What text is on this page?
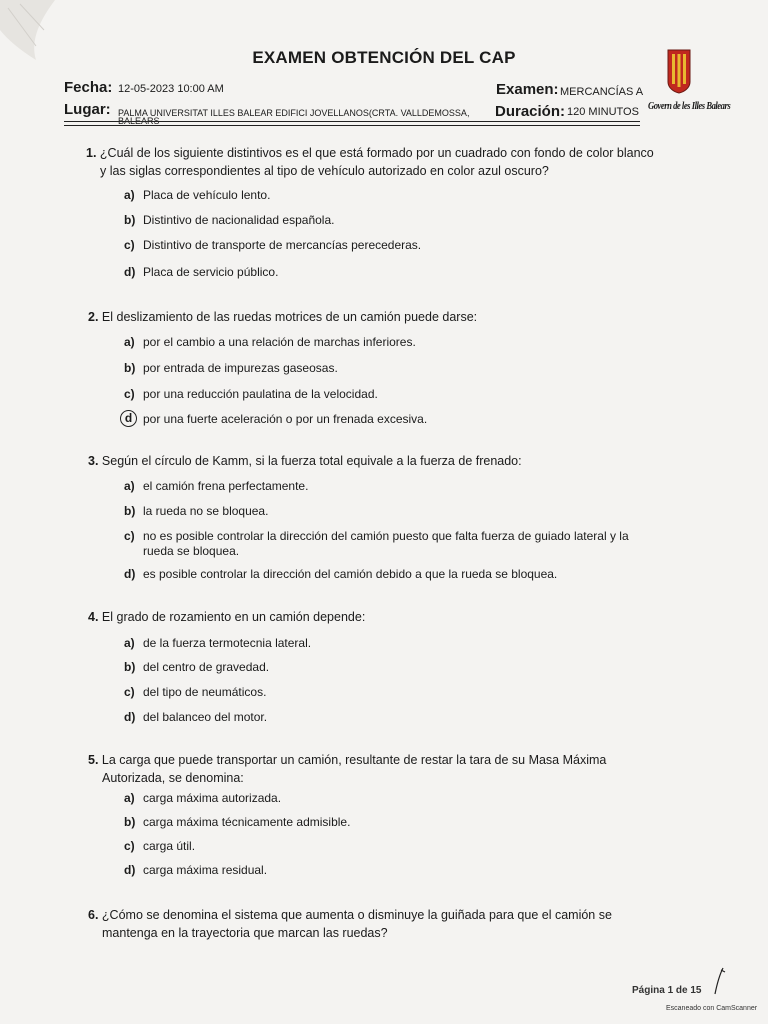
EXAMEN OBTENCIÓN DEL CAP
Govern de les Illes Balears
Fecha: 12-05-2023 10:00 AM	Examen: MERCANCÍAS A
Lugar: PALMA UNIVERSITAT ILLES BALEAR EDIFICI JOVELLANOS(CRTA. VALLDEMOSSA,
BALEARS
Duración: 120 MINUTOS
1. ¿Cuál de los siguiente distintivos es el que está formado por un cuadrado con fondo de color blanco
y las siglas correspondientes al tipo de vehículo autorizado en color azul oscuro?
a) Placa de vehículo lento.
b) Distintivo de nacionalidad española.
c) Distintivo de transporte de mercancías perecederas.
d) Placa de servicio público.
2. El deslizamiento de las ruedas motrices de un camión puede darse:
a) por el cambio a una relación de marchas inferiores.
b) por entrada de impurezas gaseosas.
c) por una reducción paulatina de la velocidad.
d por una fuerte aceleración o por un frenada excesiva.
3. Según el círculo de Kamm, si la fuerza total equivale a la fuerza de frenado:
a) el camión frena perfectamente.
b) la rueda no se bloquea.
c) no es posible controlar la dirección del camión puesto que falta fuerza de guiado lateral y la
rueda se bloquea.
d) es posible controlar la dirección del camión debido a que la rueda se bloquea.
4. El grado de rozamiento en un camión depende:
a) de la fuerza termotecnia lateral.
b) del centro de gravedad.
c) del tipo de neumáticos.
d) del balanceo del motor.
5. La carga que puede transportar un camión, resultante de restar la tara de su Masa Máxima
Autorizada, se denomina:
a) carga máxima autorizada.
b) carga máxima técnicamente admisible.
c) carga útil.
d) carga máxima residual.
6. ¿Cómo se denomina el sistema que aumenta o disminuye la guiñada para que el camión se
mantenga en la trayectoria que marcan las ruedas?
Página 1 de 15
Escaneado con CamScanner
